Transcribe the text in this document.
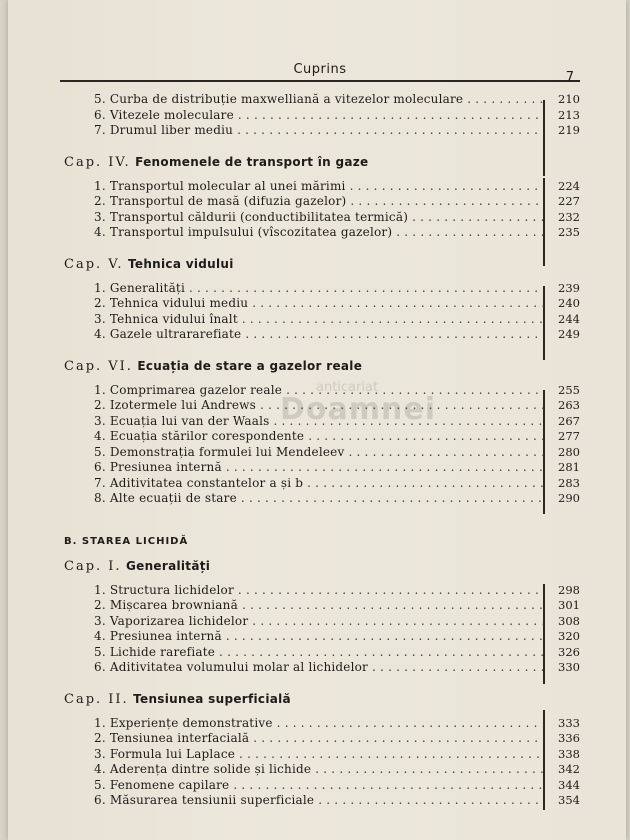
Cuprins
7
anticariat
Doamnei
5. Curba de distribuție maxwelliană a vitezelor moleculare . . .	210
6. Vitezele moleculare . . .	213
7. Drumul liber mediu . . .	219
Cap. IV. Fenomenele de transport în gaze
1. Transportul molecular al unei mărimi . . .	224
2. Transportul de masă (difuzia gazelor) . . .	227
3. Transportul căldurii (conductibilitatea termică) . . .	232
4. Transportul impulsului (vîscozitatea gazelor) . . .	235
Cap. V. Tehnica vidului
1. Generalități . . .	239
2. Tehnica vidului mediu . . .	240
3. Tehnica vidului înalt . . .	244
4. Gazele ultrararefiate . . .	249
Cap. VI. Ecuația de stare a gazelor reale
1. Comprimarea gazelor reale . . .	255
2. Izotermele lui Andrews . . .	263
3. Ecuația lui van der Waals . . .	267
4. Ecuația stărilor corespondente . . .	277
5. Demonstrația formulei lui Mendeleev . . .	280
6. Presiunea internă . . .	281
7. Aditivitatea constantelor a și b . . .	283
8. Alte ecuații de stare . . .	290
B. STAREA LICHIDĂ
Cap. I. Generalități
1. Structura lichidelor . . .	298
2. Mișcarea browniană . . .	301
3. Vaporizarea lichidelor . . .	308
4. Presiunea internă . . .	320
5. Lichide rarefiate . . .	326
6. Aditivitatea volumului molar al lichidelor . . .	330
Cap. II. Tensiunea superficială
1. Experiențe demonstrative . . .	333
2. Tensiunea interfacială . . .	336
3. Formula lui Laplace . . .	338
4. Aderența dintre solide și lichide . . .	342
5. Fenomene capilare . . .	344
6. Măsurarea tensiunii superficiale . . .	354
